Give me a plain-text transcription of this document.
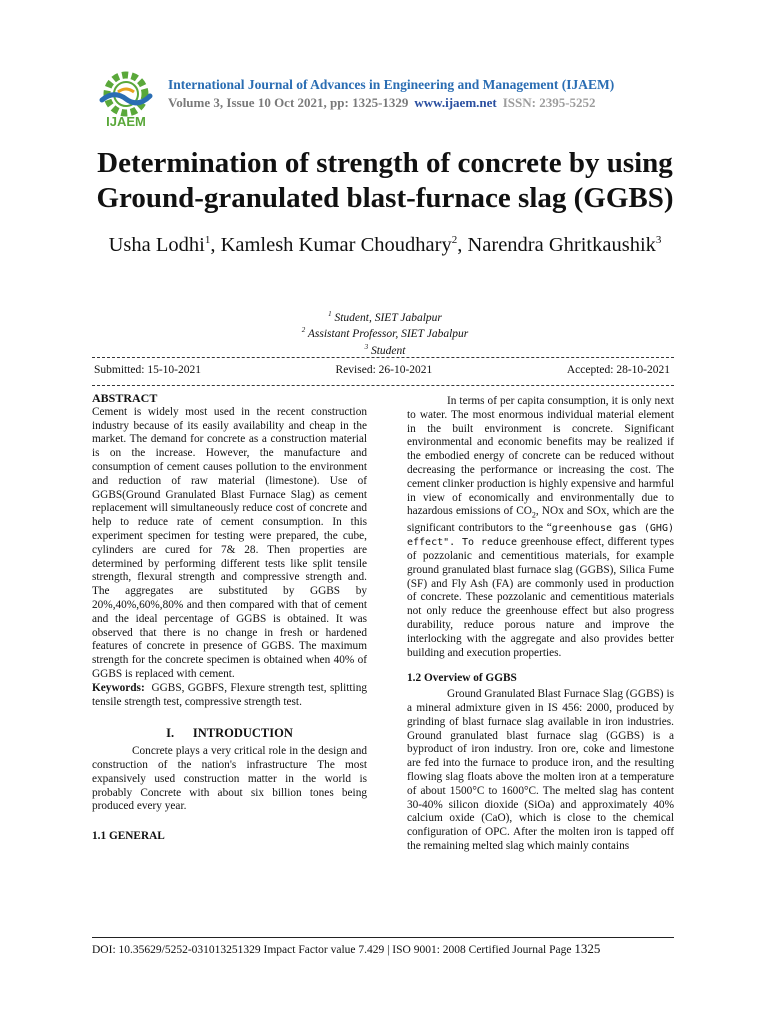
IJAEM
International Journal of Advances in Engineering and Management (IJAEM)
Volume 3, Issue 10 Oct 2021, pp: 1325-1329 www.ijaem.net ISSN: 2395-5252
Determination of strength of concrete by using Ground-granulated blast-furnace slag (GGBS)
Usha Lodhi$^1$, Kamlesh Kumar Choudhary$^2$, Narendra Ghritkaushik$^3$
$^1$ Student, SIET Jabalpur
$^2$ Assistant Professor, SIET Jabalpur
$^3$ Student
Submitted: 15-10-2021	Revised: 26-10-2021	Accepted: 28-10-2021
ABSTRACT

Cement is widely most used in the recent construction industry because of its easily availability and cheap in the market. The demand for concrete as a construction material is on the increase. However, the manufacture and consumption of cement causes pollution to the environment and reduction of raw material (limestone). Use of GGBS(Ground Granulated Blast Furnace Slag) as cement replacement will simultaneously reduce cost of concrete and help to reduce rate of cement consumption. In this experiment specimen for testing were prepared, the cube, cylinders are cured for 7& 28. Then properties are determined by performing different tests like split tensile strength, flexural strength and compressive strength and. The aggregates are substituted by GGBS by 20%,40%,60%,80% and then compared with that of cement and the ideal percentage of GGBS is obtained. It was observed that there is no change in fresh or hardened features of concrete in presence of GGBS. The maximum strength for the concrete specimen is obtained when 40% of GGBS is replaced with cement.

Keywords: GGBS, GGBFS, Flexure strength test, splitting tensile strength test, compressive strength test.

I.      INTRODUCTION

Concrete plays a very critical role in the design and construction of the nation's infrastructure The most expansively used construction matter in the world is probably Concrete with about six billion tones being produced every year.

1.1 GENERAL

In terms of per capita consumption, it is only next to water. The most enormous individual material element in the built environment is concrete. Significant environmental and economic benefits may be realized if the embodied energy of concrete can be reduced without decreasing the performance or increasing the cost. The cement clinker production is highly expensive and harmful in view of economically and environmentally due to hazardous emissions of $CO_2$, NOx and SOx, which are the significant contributors to the “greenhouse gas (GHG) effect". To reduce greenhouse effect, different types of pozzolanic and cementitious materials, for example ground granulated blast furnace slag (GGBS), Silica Fume (SF) and Fly Ash (FA) are commonly used in production of concrete. These pozzolanic and cementitious materials not only reduce the greenhouse effect but also progress durability, reduce porous nature and improve the interlocking with the aggregate and also provides better building and execution properties.

1.2 Overview of GGBS

Ground Granulated Blast Furnace Slag (GGBS) is a mineral admixture given in IS 456: 2000, produced by grinding of blast furnace slag available in iron industries. Ground granulated blast furnace slag (GGBS) is a byproduct of iron industry. Iron ore, coke and limestone are fed into the furnace to produce iron, and the resulting flowing slag floats above the molten iron at a temperature of about 1500°C to 1600°C. The melted slag has content 30-40% silicon dioxide (SiOa) and approximately 40% calcium oxide (CaO), which is close to the chemical configuration of OPC. After the molten iron is tapped off the remaining melted slag which mainly contains

DOI: 10.35629/5252-031013251329 Impact Factor value 7.429 | ISO 9001: 2008 Certified Journal Page 1325
